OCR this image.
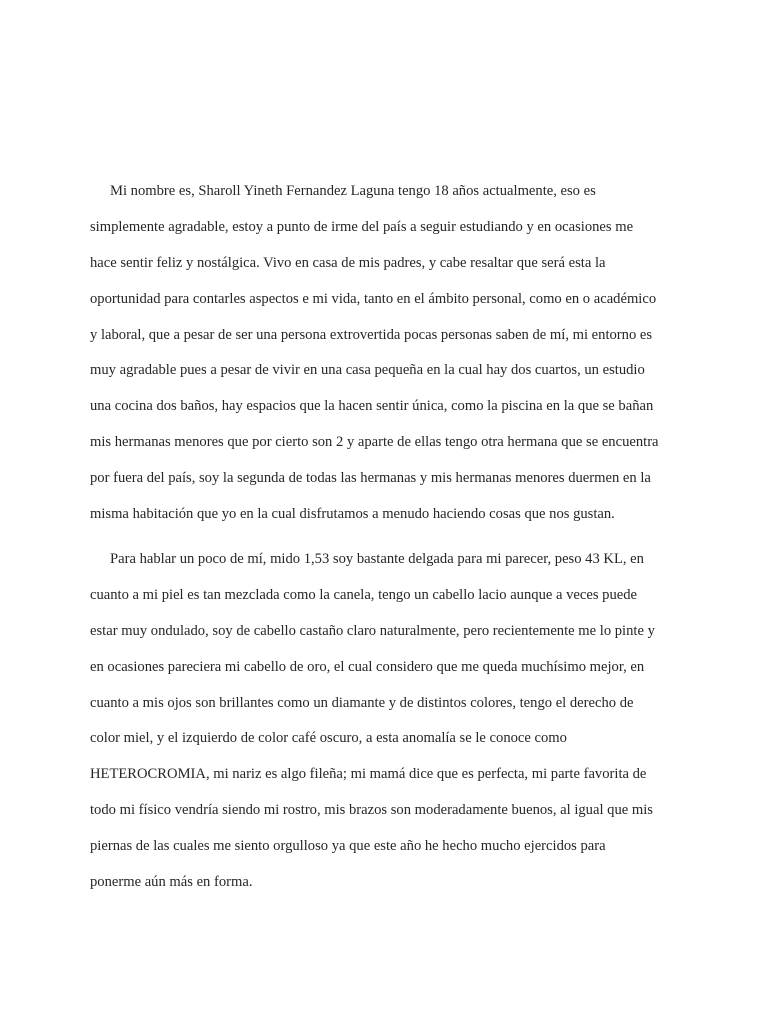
Mi nombre es, Sharoll Yineth Fernandez Laguna tengo 18 años actualmente, eso es
simplemente agradable, estoy a punto de irme del país a seguir estudiando y en ocasiones me
hace sentir feliz y nostálgica. Vivo en casa de mis padres, y cabe resaltar que será esta la
oportunidad para contarles aspectos e mi vida, tanto en el ámbito personal, como en o académico
y laboral, que a pesar de ser una persona extrovertida pocas personas saben de mí, mi entorno es
muy agradable pues a pesar de vivir en una casa pequeña en la cual hay dos cuartos, un estudio
una cocina dos baños, hay espacios que la hacen sentir única, como la piscina en la que se bañan
mis hermanas menores que por cierto son 2 y aparte de ellas tengo otra hermana que se encuentra
por fuera del país, soy la segunda de todas las hermanas y mis hermanas menores duermen en la
misma habitación que yo en la cual disfrutamos a menudo haciendo cosas que nos gustan.
Para hablar un poco de mí, mido 1,53 soy bastante delgada para mi parecer, peso 43 KL, en
cuanto a mi piel es tan mezclada como la canela, tengo un cabello lacio aunque a veces puede
estar muy ondulado, soy de cabello castaño claro naturalmente, pero recientemente me lo pinte y
en ocasiones pareciera mi cabello de oro, el cual considero que me queda muchísimo mejor, en
cuanto a mis ojos son brillantes como un diamante y de distintos colores, tengo el derecho de
color miel, y el izquierdo de color café oscuro, a esta anomalía se le conoce como
HETEROCROMIA, mi nariz es algo fileña; mi mamá dice que es perfecta, mi parte favorita de
todo mi físico vendría siendo mi rostro, mis brazos son moderadamente buenos, al igual que mis
piernas de las cuales me siento orgulloso ya que este año he hecho mucho ejercidos para
ponerme aún más en forma.
